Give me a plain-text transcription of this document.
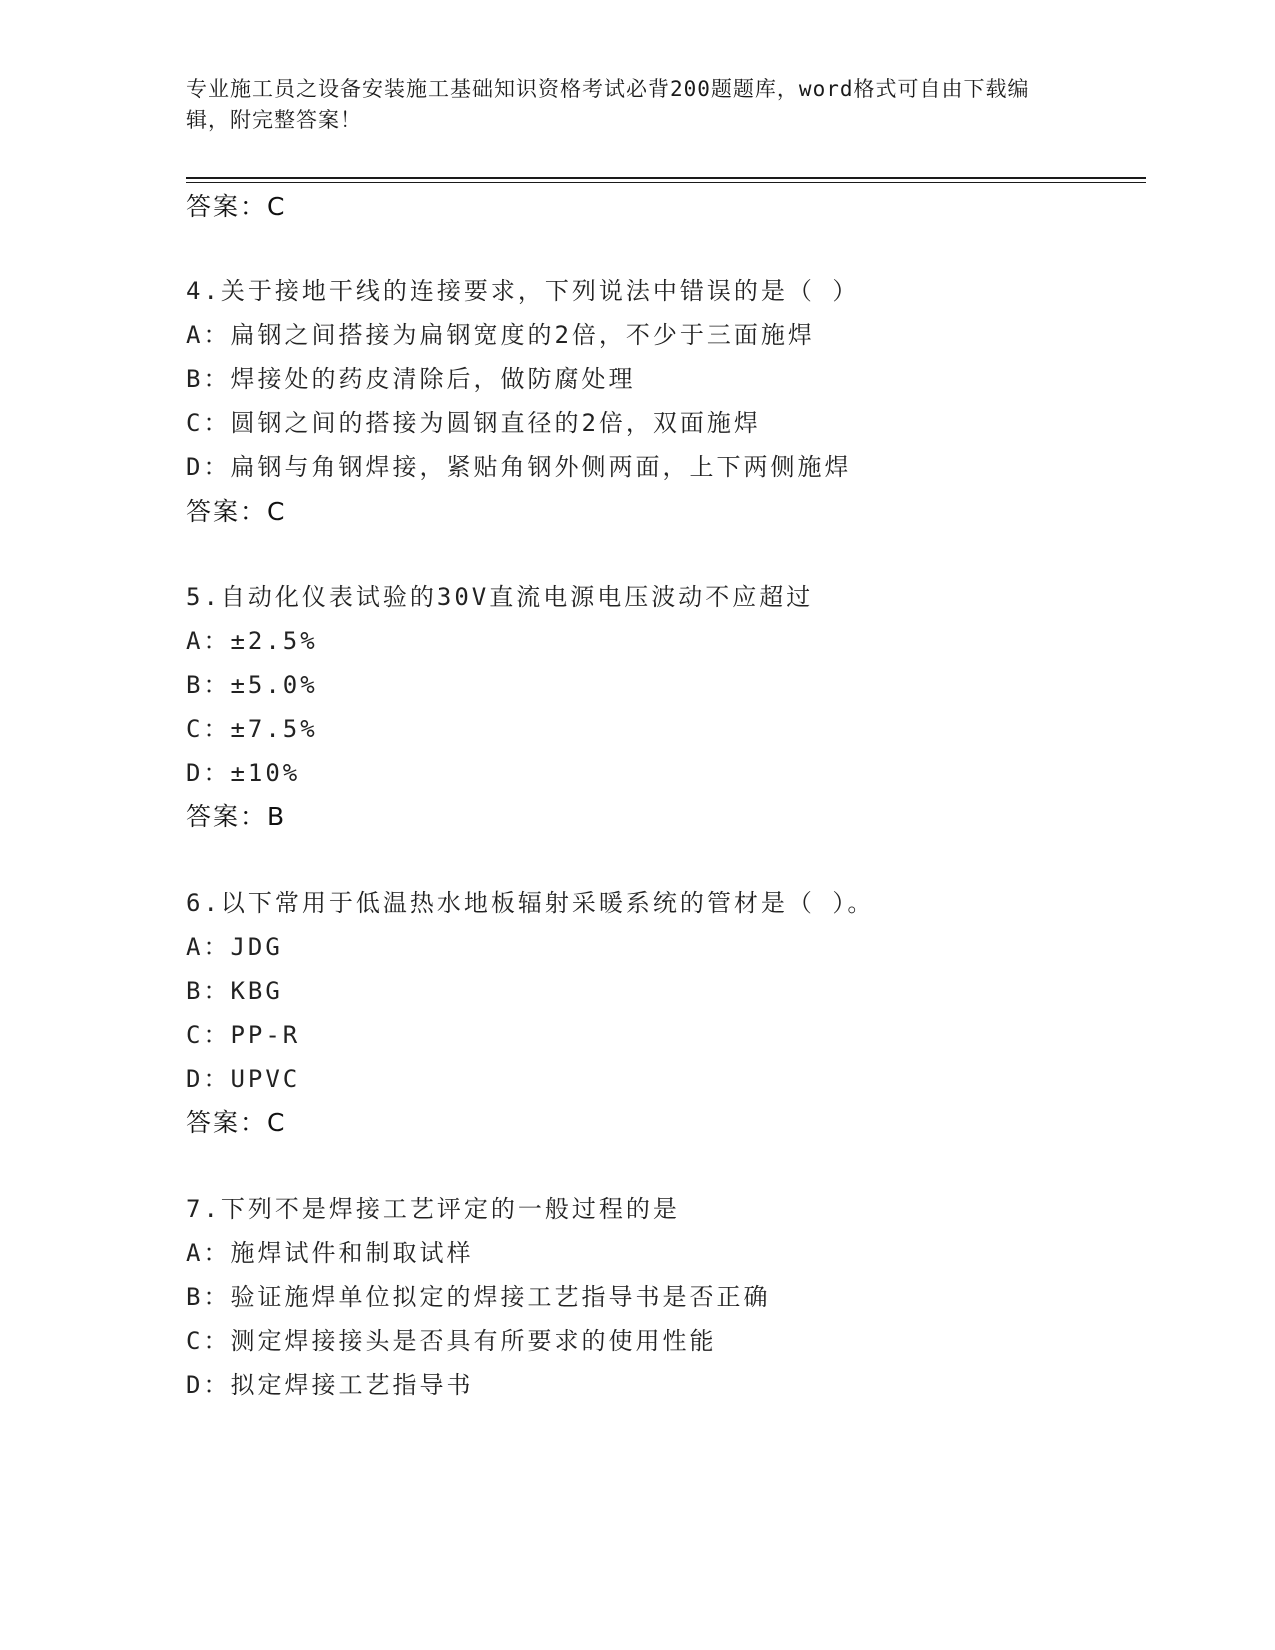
专业施工员之设备安装施工基础知识资格考试必背200题题库，word格式可自由下载编辑，附完整答案！
答案：C
4.关于接地干线的连接要求，下列说法中错误的是（ ）
A：扁钢之间搭接为扁钢宽度的2倍，不少于三面施焊
B：焊接处的药皮清除后，做防腐处理
C：圆钢之间的搭接为圆钢直径的2倍，双面施焊
D：扁钢与角钢焊接，紧贴角钢外侧两面，上下两侧施焊
答案：C
5.自动化仪表试验的30V直流电源电压波动不应超过
A：±2.5%
B：±5.0%
C：±7.5%
D：±10%
答案：B
6.以下常用于低温热水地板辐射采暖系统的管材是（ ）。
A：JDG
B：KBG
C：PP-R
D：UPVC
答案：C
7.下列不是焊接工艺评定的一般过程的是
A：施焊试件和制取试样
B：验证施焊单位拟定的焊接工艺指导书是否正确
C：测定焊接接头是否具有所要求的使用性能
D：拟定焊接工艺指导书
